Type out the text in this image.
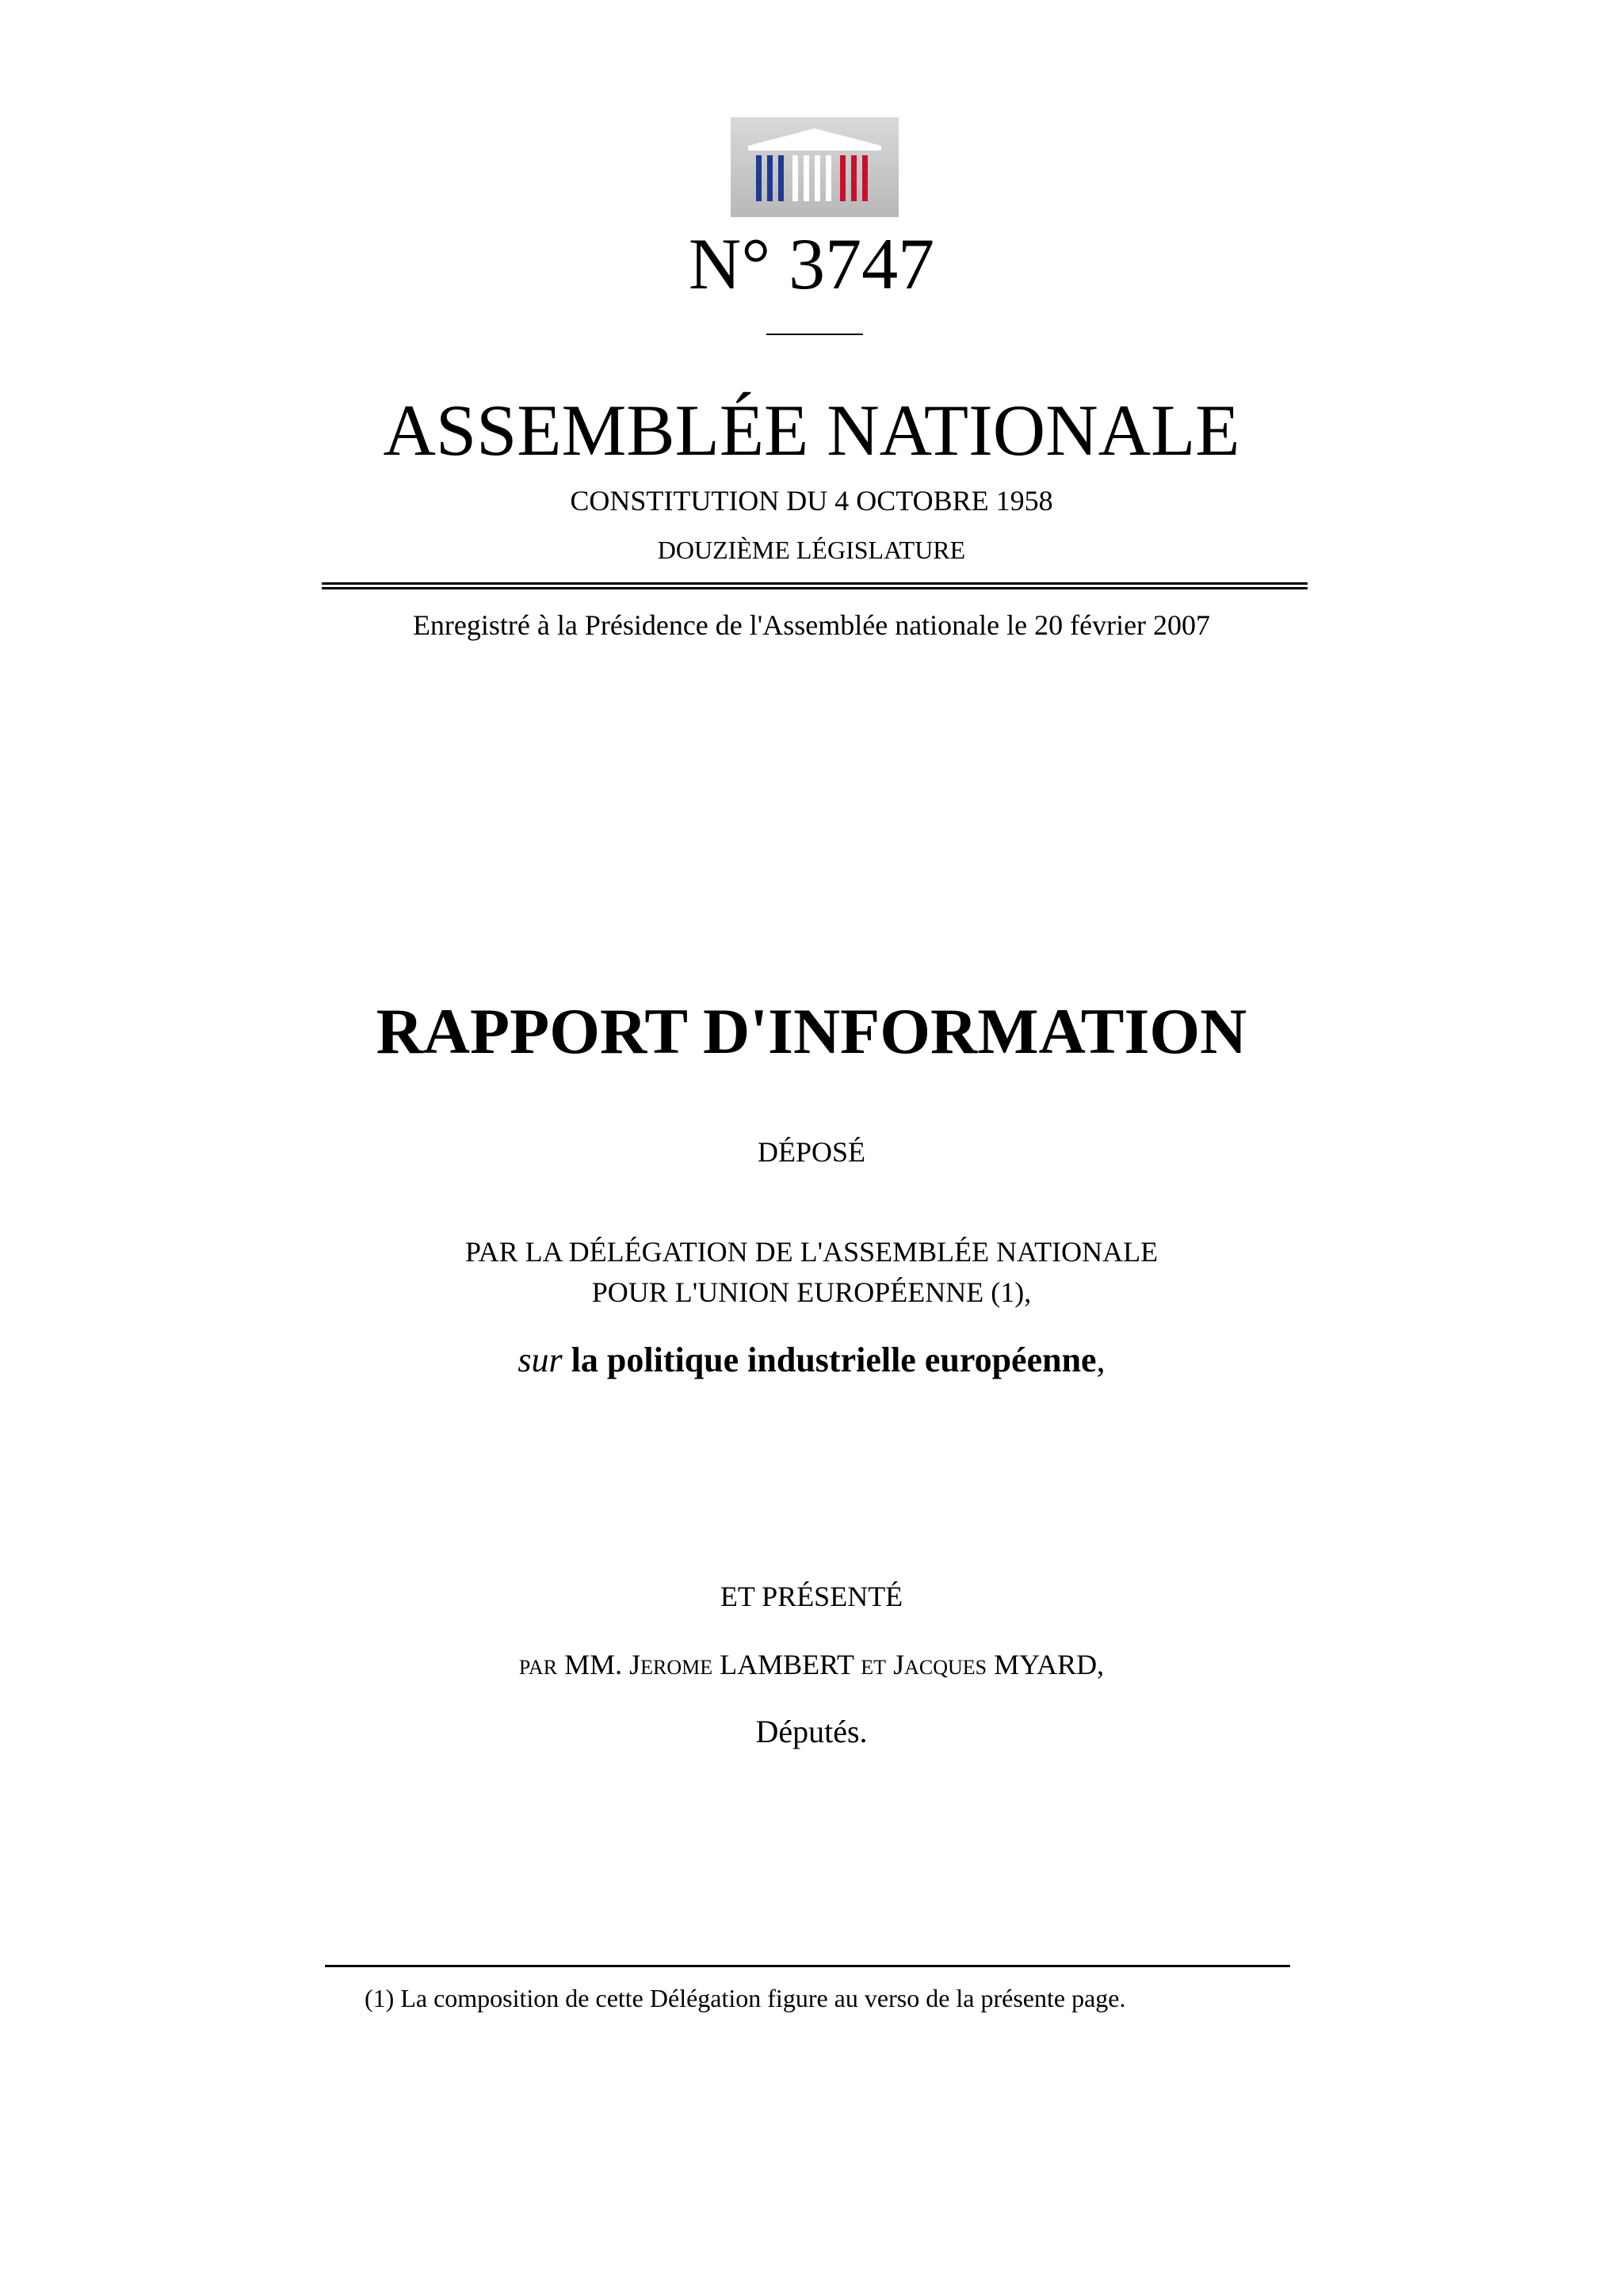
N° 3747
ASSEMBLÉE NATIONALE
CONSTITUTION DU 4 OCTOBRE 1958
DOUZIÈME LÉGISLATURE
Enregistré à la Présidence de l'Assemblée nationale le 20 février 2007
RAPPORT D'INFORMATION
DÉPOSÉ
PAR LA DÉLÉGATION DE L'ASSEMBLÉE NATIONALE
POUR L'UNION EUROPÉENNE (1),
sur la politique industrielle européenne,
ET PRÉSENTÉ
PAR MM. JEROME LAMBERT ET JACQUES MYARD,
Députés.
(1) La composition de cette Délégation figure au verso de la présente page.
